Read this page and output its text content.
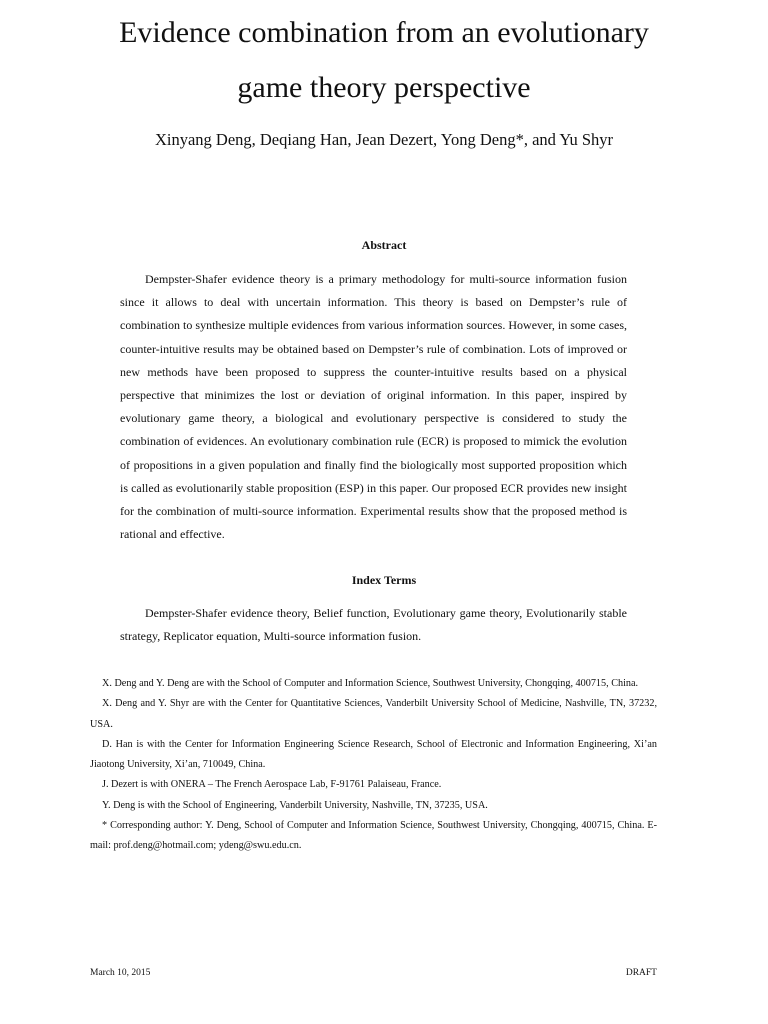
Evidence combination from an evolutionary
game theory perspective
Xinyang Deng, Deqiang Han, Jean Dezert, Yong Deng*, and Yu Shyr
Abstract

Dempster-Shafer evidence theory is a primary methodology for multi-source information fusion since it allows to deal with uncertain information. This theory is based on Dempster’s rule of combination to synthesize multiple evidences from various information sources. However, in some cases, counter-intuitive results may be obtained based on Dempster’s rule of combination. Lots of improved or new methods have been proposed to suppress the counter-intuitive results based on a physical perspective that minimizes the lost or deviation of original information. In this paper, inspired by evolutionary game theory, a biological and evolutionary perspective is considered to study the combination of evidences. An evolutionary combination rule (ECR) is proposed to mimick the evolution of propositions in a given population and finally find the biologically most supported proposition which is called as evolutionarily stable proposition (ESP) in this paper. Our proposed ECR provides new insight for the combination of multi-source information. Experimental results show that the proposed method is rational and effective.

Index Terms

Dempster-Shafer evidence theory, Belief function, Evolutionary game theory, Evolutionarily stable strategy, Replicator equation, Multi-source information fusion.

X. Deng and Y. Deng are with the School of Computer and Information Science, Southwest University, Chongqing, 400715, China.

X. Deng and Y. Shyr are with the Center for Quantitative Sciences, Vanderbilt University School of Medicine, Nashville, TN, 37232, USA.

D. Han is with the Center for Information Engineering Science Research, School of Electronic and Information Engineering, Xi’an Jiaotong University, Xi’an, 710049, China.

J. Dezert is with ONERA – The French Aerospace Lab, F-91761 Palaiseau, France.

Y. Deng is with the School of Engineering, Vanderbilt University, Nashville, TN, 37235, USA.

* Corresponding author: Y. Deng, School of Computer and Information Science, Southwest University, Chongqing, 400715, China. E-mail: prof.deng@hotmail.com; ydeng@swu.edu.cn.

March 10, 2015	DRAFT
